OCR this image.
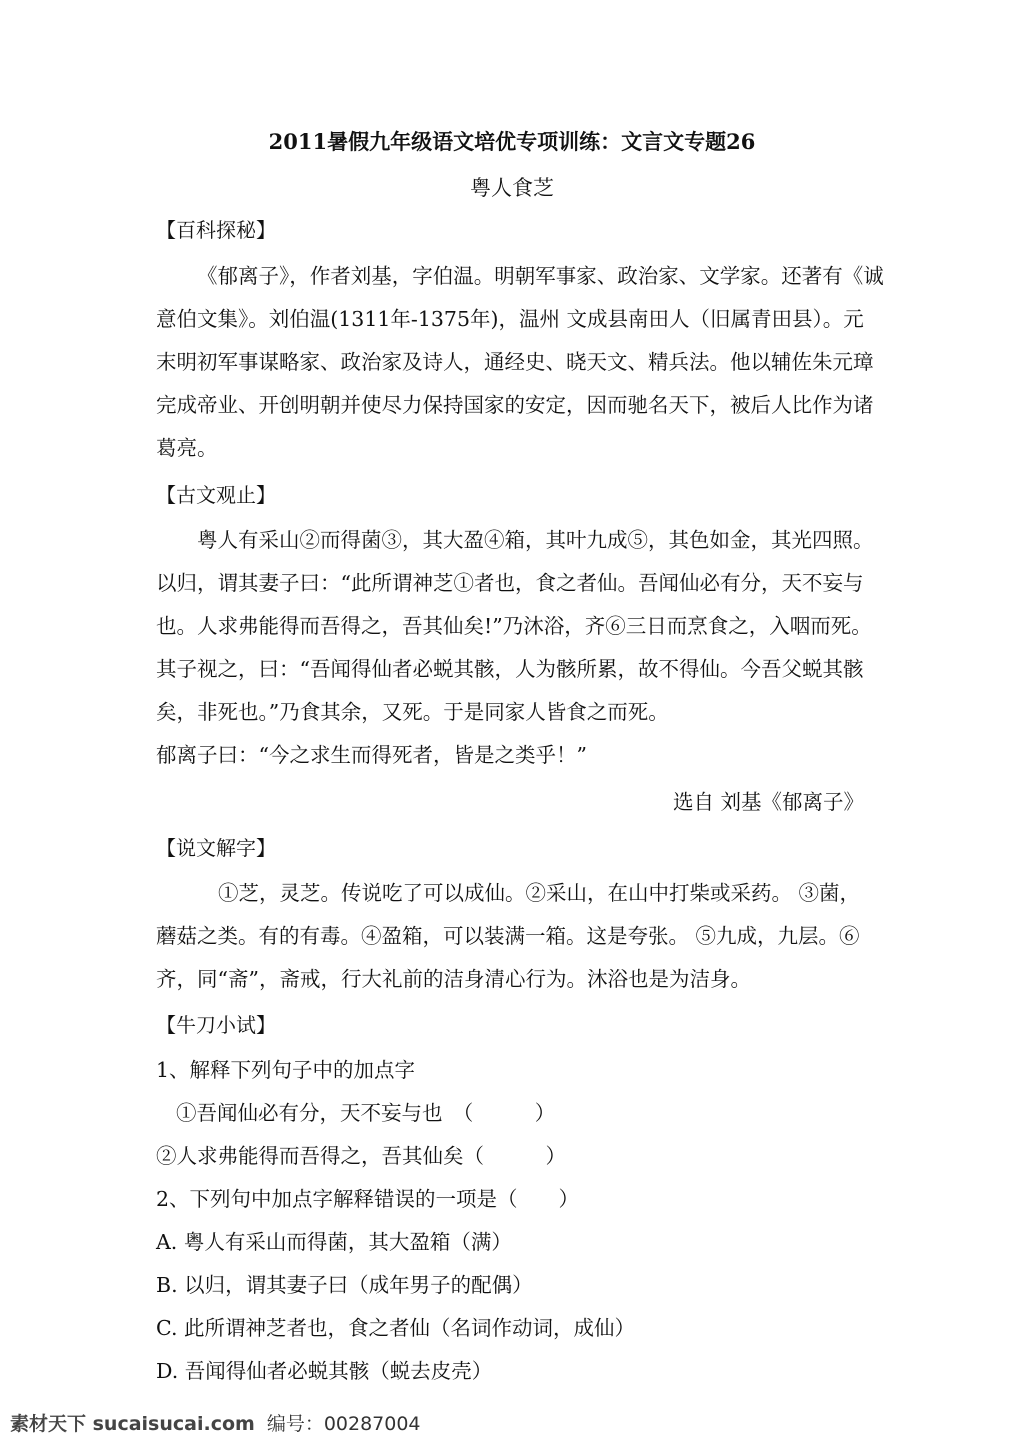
2011暑假九年级语文培优专项训练：文言文专题26
粤人食芝
【百科探秘】
《郁离子》，作者刘基，字伯温。明朝军事家、政治家、文学家。还著有《诚
意伯文集》。刘伯温(1311年-1375年)，温州 文成县南田人（旧属青田县）。元
末明初军事谋略家、政治家及诗人，通经史、晓天文、精兵法。他以辅佐朱元璋
完成帝业、开创明朝并使尽力保持国家的安定，因而驰名天下，被后人比作为诸
葛亮。
【古文观止】
粤人有采山②而得菌③，其大盈④箱，其叶九成⑤，其色如金，其光四照。
以归，谓其妻子曰：“此所谓神芝①者也，食之者仙。吾闻仙必有分，天不妄与
也。人求弗能得而吾得之，吾其仙矣!”乃沐浴，齐⑥三日而烹食之，入咽而死。
其子视之，曰：“吾闻得仙者必蜕其骸，人为骸所累，故不得仙。今吾父蜕其骸
矣，非死也。”乃食其余，又死。于是同家人皆食之而死。
郁离子曰：“今之求生而得死者，皆是之类乎！”
选自 刘基《郁离子》
【说文解字】
①芝，灵芝。传说吃了可以成仙。②采山，在山中打柴或采药。 ③菌，
蘑菇之类。有的有毒。④盈箱，可以装满一箱。这是夸张。 ⑤九成，九层。⑥
齐，同“斋”，斋戒，行大礼前的洁身清心行为。沐浴也是为洁身。
【牛刀小试】
1、解释下列句子中的加点字
①吾闻仙必有分，天不妄与也　（　　　）
②人求弗能得而吾得之，吾其仙矣（　　　）
2、下列句中加点字解释错误的一项是（　　）
A. 粤人有采山而得菌，其大盈箱（满）
B. 以归，谓其妻子曰（成年男子的配偶）
C. 此所谓神芝者也，食之者仙（名词作动词，成仙）
D. 吾闻得仙者必蜕其骸（蜕去皮壳）
素材天下 sucaisucai.com 编号：00287004
